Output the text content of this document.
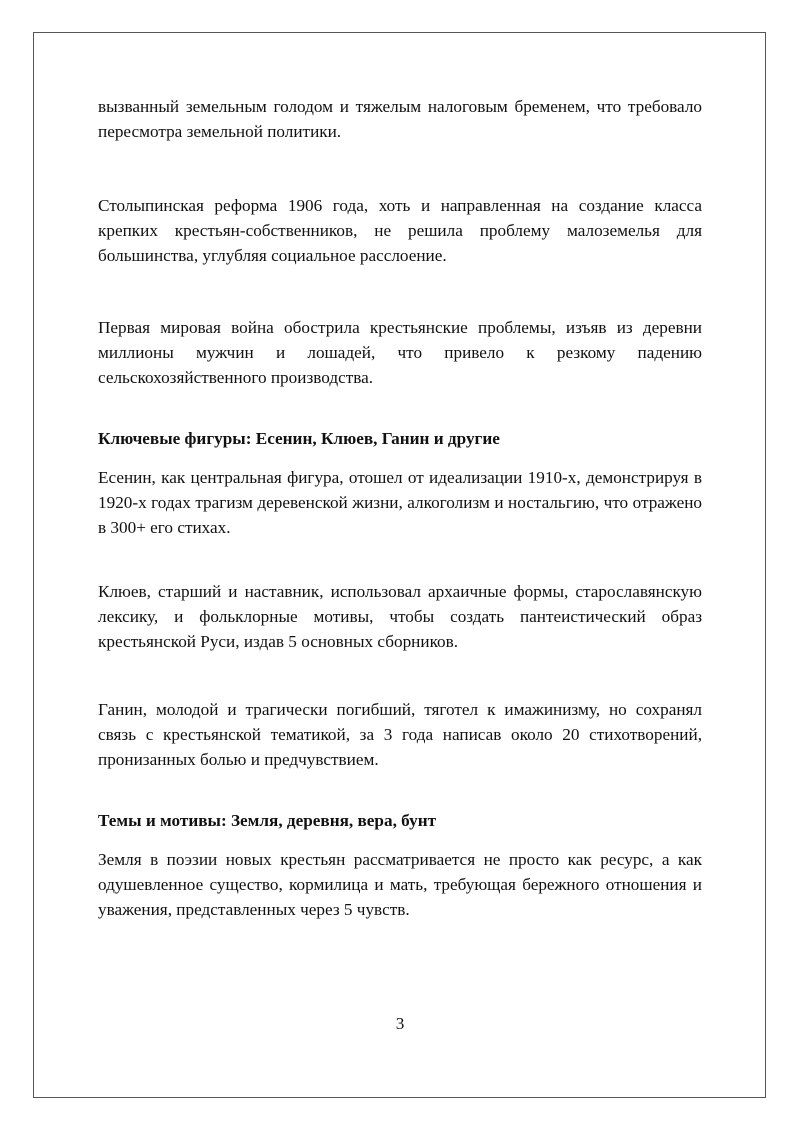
вызванный земельным голодом и тяжелым налоговым бременем, что требовало пересмотра земельной политики.

Столыпинская реформа 1906 года, хоть и направленная на создание класса крепких крестьян-собственников, не решила проблему малоземелья для большинства, углубляя социальное расслоение.

Первая мировая война обострила крестьянские проблемы, изъяв из деревни миллионы мужчин и лошадей, что привело к резкому падению сельскохозяйственного производства.

Ключевые фигуры: Есенин, Клюев, Ганин и другие

Есенин, как центральная фигура, отошел от идеализации 1910-х, демонстрируя в 1920-х годах трагизм деревенской жизни, алкоголизм и ностальгию, что отражено в 300+ его стихах.

Клюев, старший и наставник, использовал архаичные формы, старославянскую лексику, и фольклорные мотивы, чтобы создать пантеистический образ крестьянской Руси, издав 5 основных сборников.

Ганин, молодой и трагически погибший, тяготел к имажинизму, но сохранял связь с крестьянской тематикой, за 3 года написав около 20 стихотворений, пронизанных болью и предчувствием.

Темы и мотивы: Земля, деревня, вера, бунт

Земля в поэзии новых крестьян рассматривается не просто как ресурс, а как одушевленное существо, кормилица и мать, требующая бережного отношения и уважения, представленных через 5 чувств.

3
